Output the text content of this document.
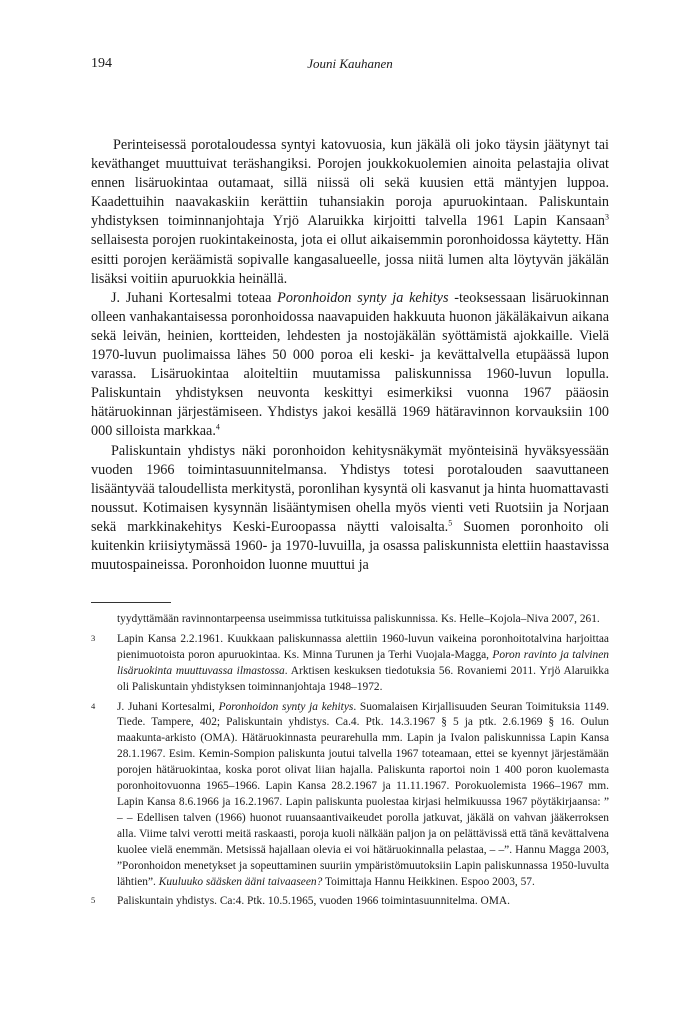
194	Jouni Kauhanen

Perinteisessä porotaloudessa syntyi katovuosia, kun jäkälä oli joko täysin jäätynyt tai keväthanget muuttuivat teräshangiksi. Porojen joukkokuolemien ainoita pelastajia olivat ennen lisäruokintaa outamaat, sillä niissä oli sekä kuusien että mäntyjen luppoa. Kaadettuihin naavakaskiin kerättiin tuhansiakin poroja apuruokintaan. Paliskuntain yhdistyksen toiminnanjohtaja Yrjö Alaruikka kirjoitti talvella 1961 Lapin Kansaan$^3$ sellaisesta porojen ruokintakeinosta, jota ei ollut aikaisemmin poronhoidossa käytetty. Hän esitti porojen keräämistä sopivalle kangasalueelle, jossa niitä lumen alta löytyvän jäkälän lisäksi voitiin apuruokkia heinällä.

J. Juhani Kortesalmi toteaa Poronhoidon synty ja kehitys -teoksessaan lisäruokinnan olleen vanhakantaisessa poronhoidossa naavapuiden hakkuuta huonon jäkäläkaivun aikana sekä leivän, heinien, kortteiden, lehdesten ja nostojäkälän syöttämistä ajokkaille. Vielä 1970-luvun puolimaissa lähes 50 000 poroa eli keski- ja kevättalvella etupäässä lupon varassa. Lisäruokintaa aloiteltiin muutamissa paliskunnissa 1960-luvun lopulla. Paliskuntain yhdistyksen neuvonta keskittyi esimerkiksi vuonna 1967 pääosin hätäruokinnan järjestämiseen. Yhdistys jakoi kesällä 1969 hätäravinnon korvauksiin 100 000 silloista markkaa.$^4$

Paliskuntain yhdistys näki poronhoidon kehitysnäkymät myönteisinä hyväksyessään vuoden 1966 toimintasuunnitelmansa. Yhdistys totesi porotalouden saavuttaneen lisääntyvää taloudellista merkitystä, poronlihan kysyntä oli kasvanut ja hinta huomattavasti noussut. Kotimaisen kysynnän lisääntymisen ohella myös vienti veti Ruotsiin ja Norjaan sekä markkinakehitys Keski-Euroopassa näytti valoisalta.$^5$ Suomen poronhoito oli kuitenkin kriisiytymässä 1960- ja 1970-luvuilla, ja osassa paliskunnista elettiin haastavissa muutospaineissa. Poronhoidon luonne muuttui ja

tyydyttämään ravinnontarpeensa useimmissa tutkituissa paliskunnissa. Ks. Helle–Kojola–Niva 2007, 261.
3 Lapin Kansa 2.2.1961. Kuukkaan paliskunnassa alettiin 1960-luvun vaikeina poronhoitotalvina harjoittaa pienimuotoista poron apuruokintaa. Ks. Minna Turunen ja Terhi Vuojala-Magga, Poron ravinto ja talvinen lisäruokinta muuttuvassa ilmastossa. Arktisen keskuksen tiedotuksia 56. Rovaniemi 2011. Yrjö Alaruikka oli Paliskuntain yhdistyksen toiminnanjohtaja 1948–1972.
4 J. Juhani Kortesalmi, Poronhoidon synty ja kehitys. Suomalaisen Kirjallisuuden Seuran Toimituksia 1149. Tiede. Tampere, 402; Paliskuntain yhdistys. Ca.4. Ptk. 14.3.1967 § 5 ja ptk. 2.6.1969 § 16. Oulun maakunta-arkisto (OMA). Hätäruokinnasta peurarehulla mm. Lapin ja Ivalon paliskunnissa Lapin Kansa 28.1.1967. Esim. Kemin-Sompion paliskunta joutui talvella 1967 toteamaan, ettei se kyennyt järjestämään porojen hätäruokintaa, koska porot olivat liian hajalla. Paliskunta raportoi noin 1 400 poron kuolemasta poronhoitovuonna 1965–1966. Lapin Kansa 28.2.1967 ja 11.11.1967. Porokuolemista 1966–1967 mm. Lapin Kansa 8.6.1966 ja 16.2.1967. Lapin paliskunta puolestaa kirjasi helmikuussa 1967 pöytäkirjaansa: ” – – Edellisen talven (1966) huonot ruuansaantivaikeudet porolla jatkuvat, jäkälä on vahvan jääkerroksen alla. Viime talvi verotti meitä raskaasti, poroja kuoli nälkään paljon ja on pelättävissä että tänä kevättalvena kuolee vielä enemmän. Metsissä hajallaan olevia ei voi hätäruokinnalla pelastaa, – –”. Hannu Magga 2003, ”Poronhoidon menetykset ja sopeuttaminen suuriin ympäristömuutoksiin Lapin paliskunnassa 1950-luvulta lähtien”. Kuuluuko sääsken ääni taivaaseen? Toimittaja Hannu Heikkinen. Espoo 2003, 57.
5 Paliskuntain yhdistys. Ca:4. Ptk. 10.5.1965, vuoden 1966 toimintasuunnitelma. OMA.
